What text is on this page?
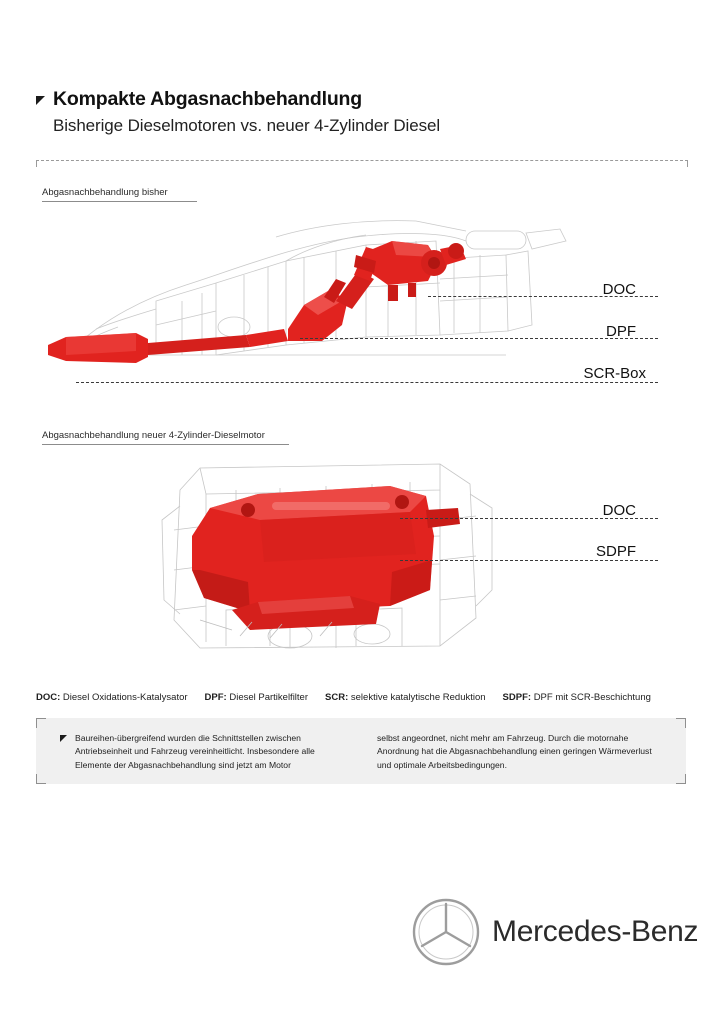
Kompakte Abgasnachbehandlung
Bisherige Dieselmotoren vs. neuer 4-Zylinder Diesel
Abgasnachbehandlung bisher
DOC
DPF
SCR-Box
Abgasnachbehandlung neuer 4-Zylinder-Dieselmotor
DOC
SDPF
DOC: Diesel Oxidations-Katalysator DPF: Diesel Partikelfilter SCR: selektive katalytische Reduktion SDPF: DPF mit SCR-Beschichtung
Baureihen-übergreifend wurden die Schnittstellen zwischen Antriebseinheit und Fahrzeug vereinheitlicht. Insbesondere alle Elemente der Abgasnachbehandlung sind jetzt am Motor
selbst angeordnet, nicht mehr am Fahrzeug. Durch die motornahe Anordnung hat die Abgasnachbehandlung einen geringen Wärmeverlust und optimale Arbeitsbedingungen.
Mercedes-Benz
